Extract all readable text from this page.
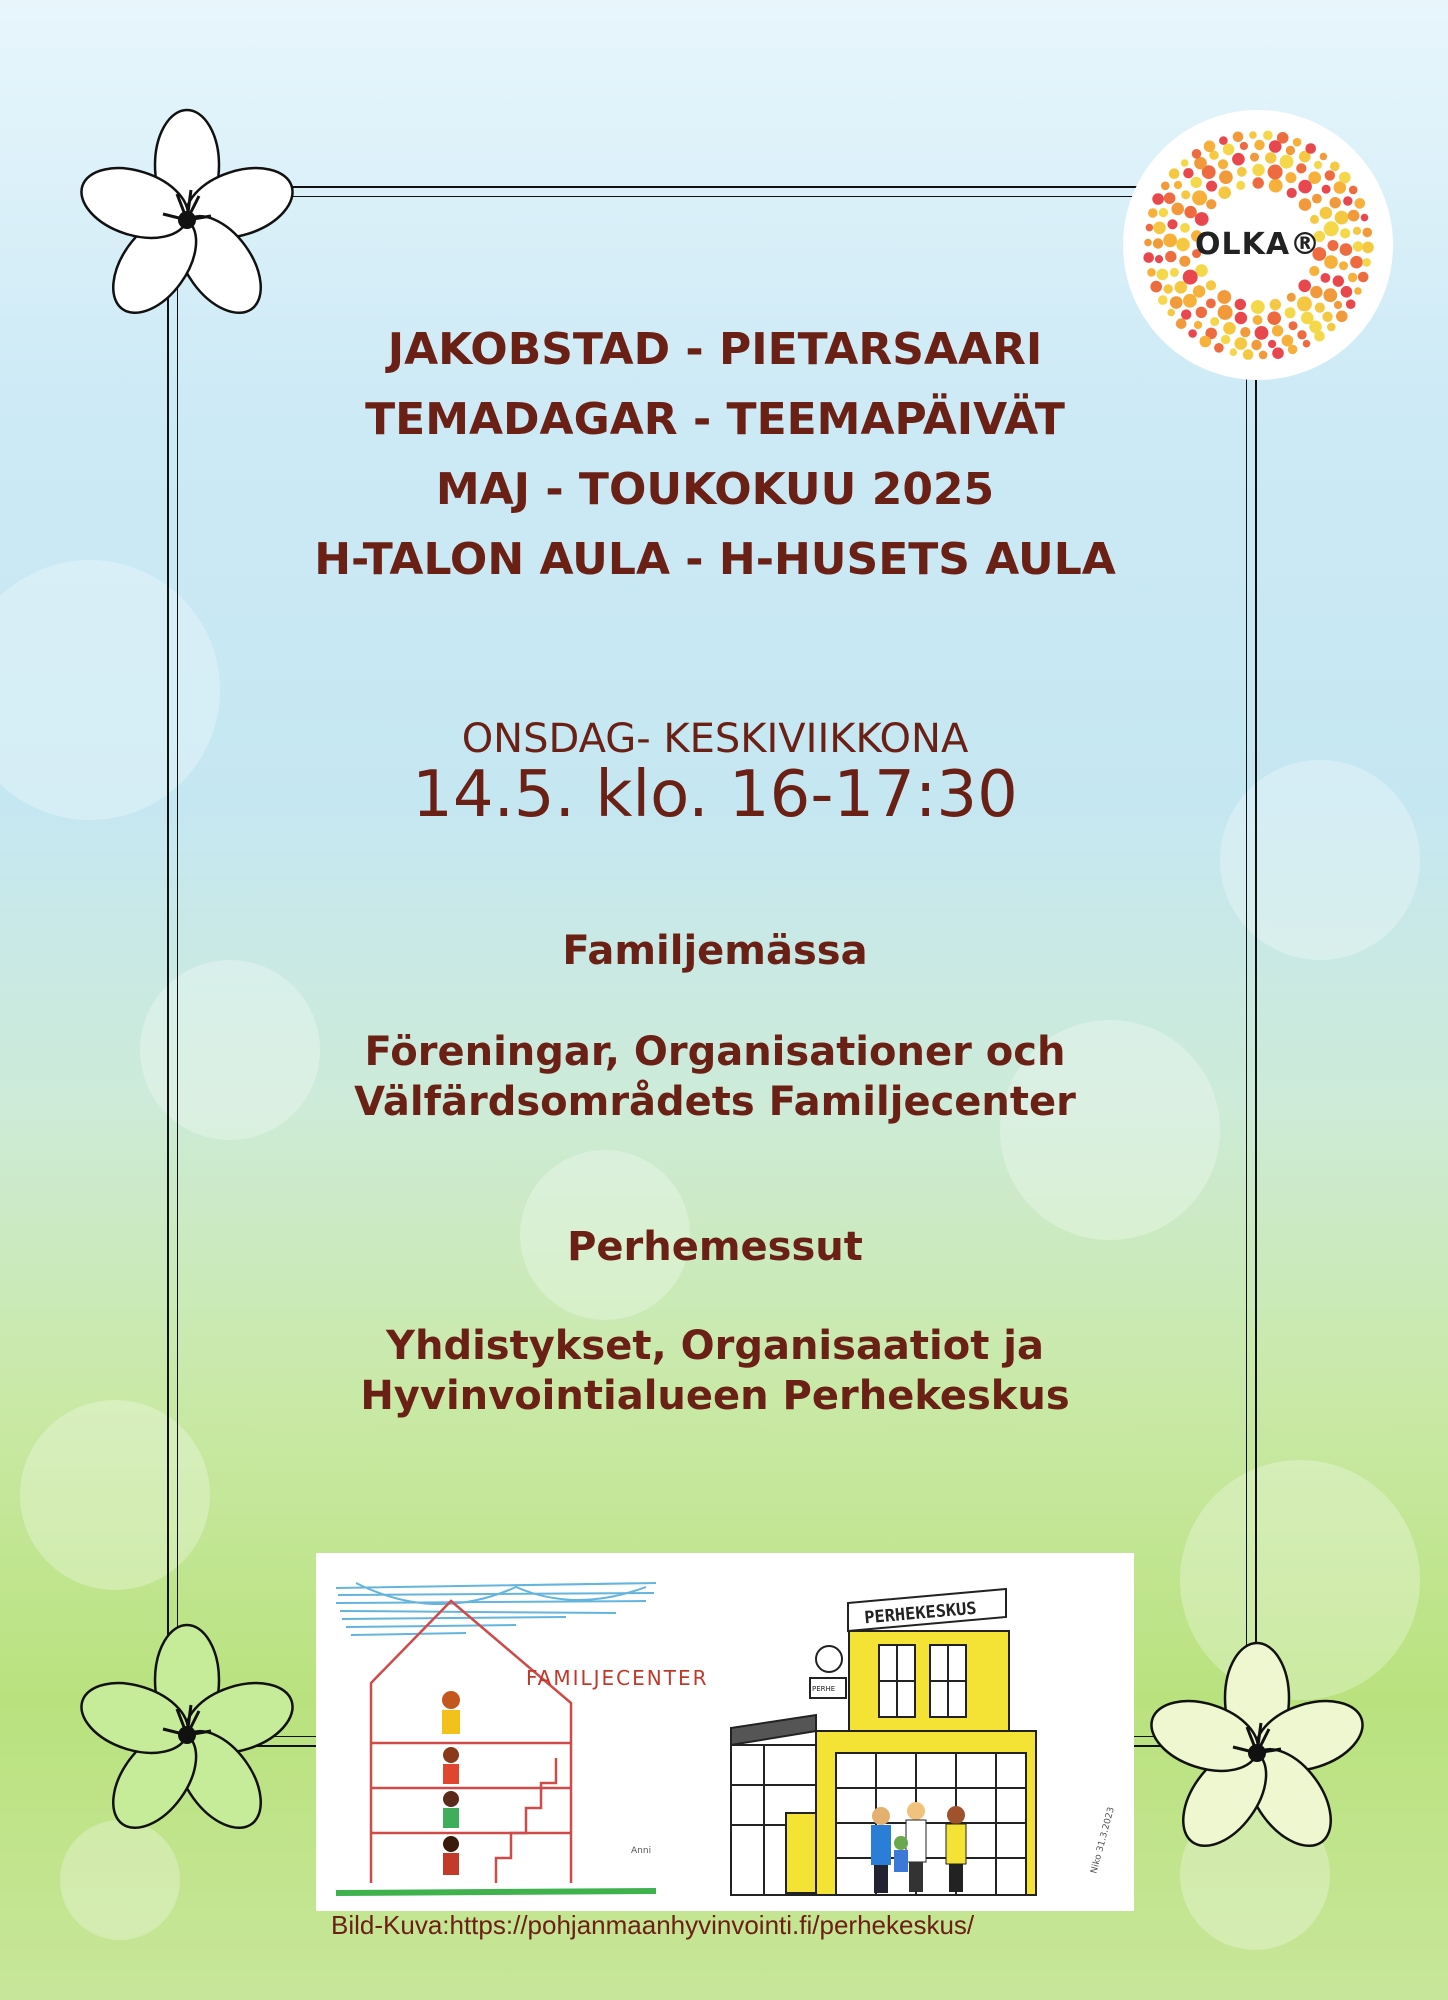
OLKA®
JAKOBSTAD - PIETARSAARI
TEMADAGAR - TEEMAPÄIVÄT
MAJ - TOUKOKUU 2025
H-TALON AULA - H-HUSETS AULA
ONSDAG- KESKIVIIKKONA
14.5. klo. 16-17:30
Familjemässa
Föreningar, Organisationer och
Välfärdsområdets Familjecenter
Perhemessut
Yhdistykset, Organisaatiot ja
Hyvinvointialueen Perhekeskus
FAMILJECENTER
Anni
PERHEKESKUS
PERHE
Niko 31.3.2023
Bild-Kuva:https://pohjanmaanhyvinvointi.fi/perhekeskus/
